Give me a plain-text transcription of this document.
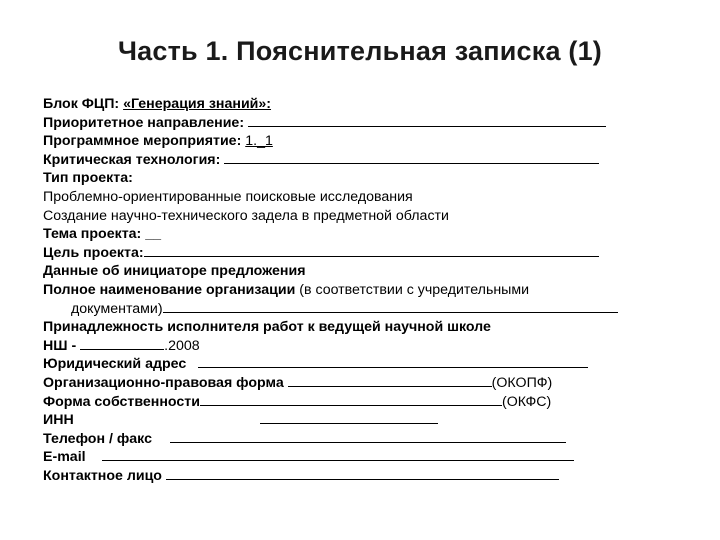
Часть 1. Пояснительная записка (1)
Блок ФЦП: «Генерация знаний»:
Приоритетное направление:
Программное мероприятие: 1._1
Критическая технология:
Тип проекта:
Проблемно-ориентированные поисковые исследования
Создание научно-технического задела в предметной области
Тема проекта: __
Цель проекта:
Данные об инициаторе предложения
Полное наименование организации (в соответствии с учредительными
документами)
Принадлежность исполнителя работ к ведущей научной школе
НШ -	.2008
Юридический адрес
Организационно-правовая форма	(ОКОПФ)
Форма собственности	(ОКФС)
ИНН
Телефон / факс
E-mail
Контактное лицо
